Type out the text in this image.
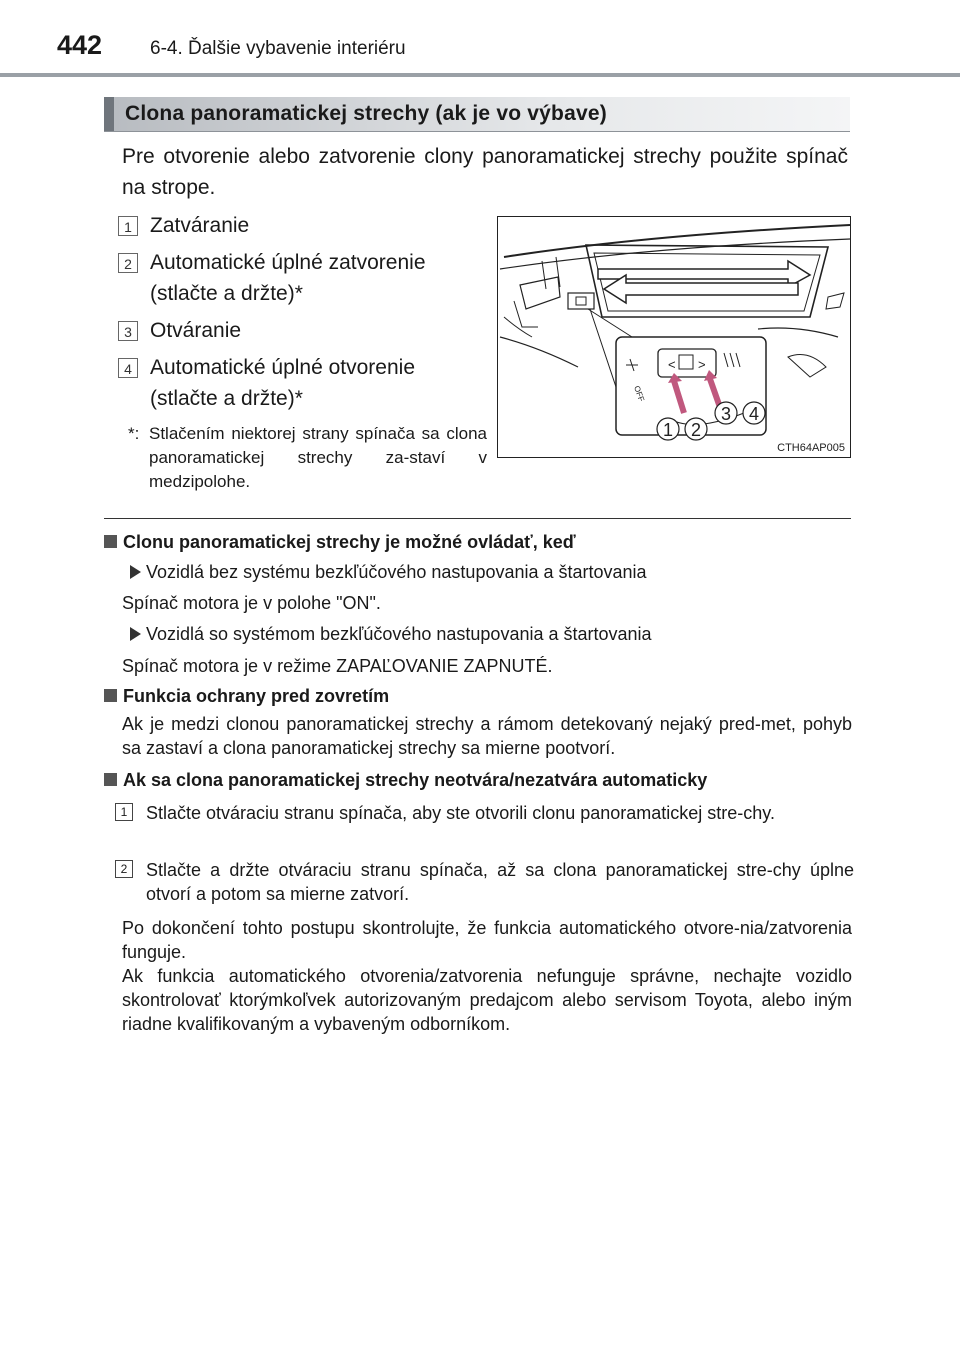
442	6-4. Ďalšie vybavenie interiéru
Clona panoramatickej strechy (ak je vo výbave)
Pre otvorenie alebo zatvorenie clony panoramatickej strechy použite spínač na strope.
1 Zatváranie
2 Automatické úplné zatvorenie (stlačte a držte)*
3 Otváranie
4 Automatické úplné otvorenie (stlačte a držte)*
*: Stlačením niektorej strany spínača sa clona panoramatickej strechy za-staví v medzipolohe.
< >
OFF
1 2
3 4
CTH64AP005
Clonu panoramatickej strechy je možné ovládať, keď
Vozidlá bez systému bezkľúčového nastupovania a štartovania
Spínač motora je v polohe "ON".
Vozidlá so systémom bezkľúčového nastupovania a štartovania
Spínač motora je v režime ZAPAĽOVANIE ZAPNUTÉ.
Funkcia ochrany pred zovretím
Ak je medzi clonou panoramatickej strechy a rámom detekovaný nejaký pred-met, pohyb sa zastaví a clona panoramatickej strechy sa mierne pootvorí.
Ak sa clona panoramatickej strechy neotvára/nezatvára automaticky
1	Stlačte otváraciu stranu spínača, aby ste otvorili clonu panoramatickej stre-chy.
2	Stlačte a držte otváraciu stranu spínača, až sa clona panoramatickej stre-chy úplne otvorí a potom sa mierne zatvorí.
Po dokončení tohto postupu skontrolujte, že funkcia automatického otvore-nia/zatvorenia funguje.
Ak funkcia automatického otvorenia/zatvorenia nefunguje správne, nechajte vozidlo skontrolovať ktorýmkoľvek autorizovaným predajcom alebo servisom Toyota, alebo iným riadne kvalifikovaným a vybaveným odborníkom.
